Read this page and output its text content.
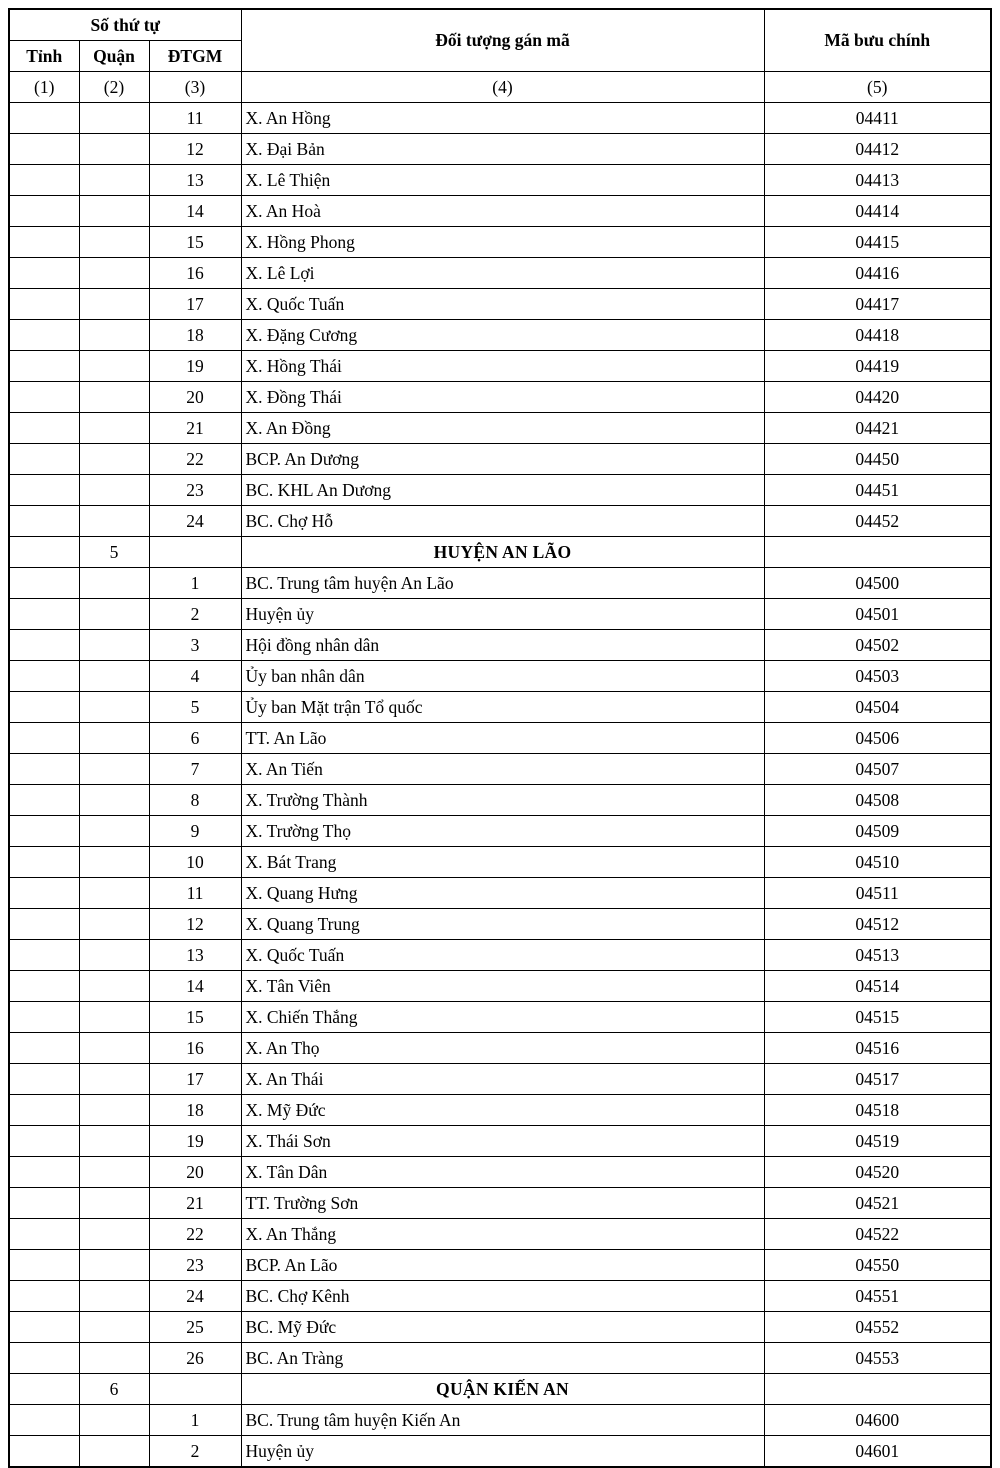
Số thứ tự			Đối tượng gán mã	Mã bưu chính
Tỉnh	Quận	ĐTGM		
(1)	(2)	(3)	(4)	(5)
		11	X. An Hồng	04411
		12	X. Đại Bản	04412
		13	X. Lê Thiện	04413
		14	X. An Hoà	04414
		15	X. Hồng Phong	04415
		16	X. Lê Lợi	04416
		17	X. Quốc Tuấn	04417
		18	X. Đặng Cương	04418
		19	X. Hồng Thái	04419
		20	X. Đồng Thái	04420
		21	X. An Đồng	04421
		22	BCP. An Dương	04450
		23	BC. KHL An Dương	04451
		24	BC. Chợ Hỗ	04452
	5		HUYỆN AN LÃO	
		1	BC. Trung tâm huyện An Lão	04500
		2	Huyện ủy	04501
		3	Hội đồng nhân dân	04502
		4	Ủy ban nhân dân	04503
		5	Ủy ban Mặt trận Tổ quốc	04504
		6	TT. An Lão	04506
		7	X. An Tiến	04507
		8	X. Trường Thành	04508
		9	X. Trường Thọ	04509
		10	X. Bát Trang	04510
		11	X. Quang Hưng	04511
		12	X. Quang Trung	04512
		13	X. Quốc Tuấn	04513
		14	X. Tân Viên	04514
		15	X. Chiến Thắng	04515
		16	X. An Thọ	04516
		17	X. An Thái	04517
		18	X. Mỹ Đức	04518
		19	X. Thái Sơn	04519
		20	X. Tân Dân	04520
		21	TT. Trường Sơn	04521
		22	X. An Thắng	04522
		23	BCP. An Lão	04550
		24	BC. Chợ Kênh	04551
		25	BC. Mỹ Đức	04552
		26	BC. An Tràng	04553
	6		QUẬN KIẾN AN	
		1	BC. Trung tâm huyện Kiến An	04600
		2	Huyện ủy	04601
